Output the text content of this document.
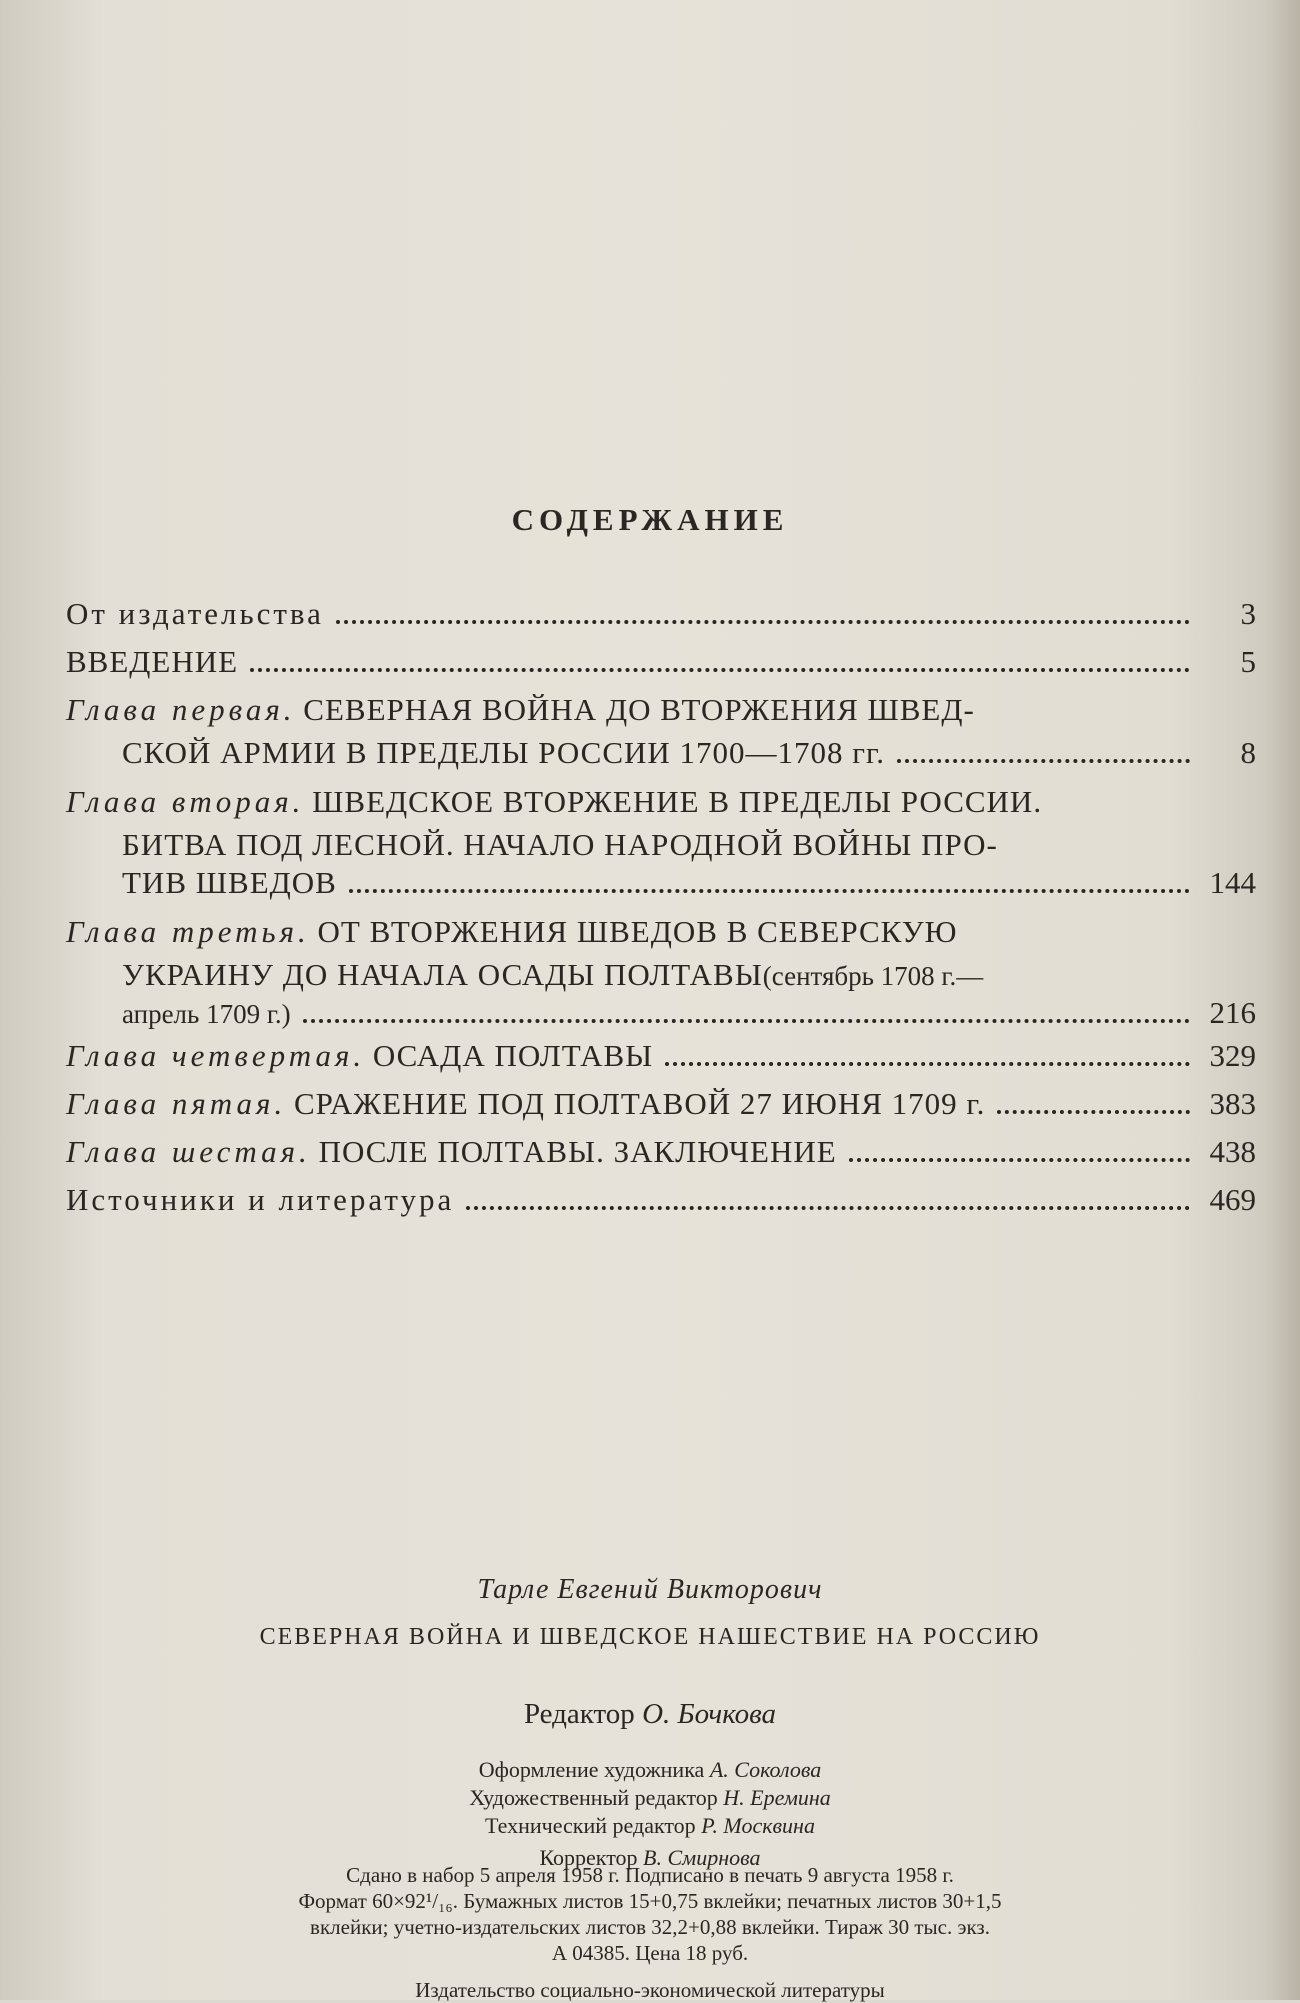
СОДЕРЖАНИЕ
От издательства	3
ВВЕДЕНИЕ	5
Глава первая.
СЕВЕРНАЯ ВОЙНА ДО ВТОРЖЕНИЯ ШВЕД-
СКОЙ АРМИИ В ПРЕДЕЛЫ РОССИИ 1700—1708 гг.	8
Глава вторая.
ШВЕДСКОЕ ВТОРЖЕНИЕ В ПРЕДЕЛЫ РОССИИ.
БИТВА ПОД ЛЕСНОЙ. НАЧАЛО НАРОДНОЙ ВОЙНЫ ПРО-
ТИВ ШВЕДОВ	144
Глава третья.
ОТ ВТОРЖЕНИЯ ШВЕДОВ В СЕВЕРСКУЮ
УКРАИНУ ДО НАЧАЛА ОСАДЫ ПОЛТАВЫ (сентябрь 1708 г.—
апрель 1709 г.)	216
Глава четвертая.
ОСАДА ПОЛТАВЫ	329
Глава пятая.
СРАЖЕНИЕ ПОД ПОЛТАВОЙ 27 ИЮНЯ 1709 г.	383
Глава шестая.
ПОСЛЕ ПОЛТАВЫ. ЗАКЛЮЧЕНИЕ	438
Источники и литература	469
Тарле Евгений Викторович
СЕВЕРНАЯ ВОЙНА И ШВЕДСКОЕ НАШЕСТВИЕ НА РОССИЮ
Редактор О. Бочкова
Оформление художника А. Соколова
Художественный редактор Н. Еремина
Технический редактор Р. Москвина
Корректор В. Смирнова
Сдано в набор 5 апреля 1958 г. Подписано в печать 9 августа 1958 г.
Формат 60×92¹/₁₆. Бумажных листов 15+0,75 вклейки; печатных листов 30+1,5
вклейки; учетно-издательских листов 32,2+0,88 вклейки. Тираж 30 тыс. экз.
А 04385. Цена 18 руб.
Издательство социально-экономической литературы
